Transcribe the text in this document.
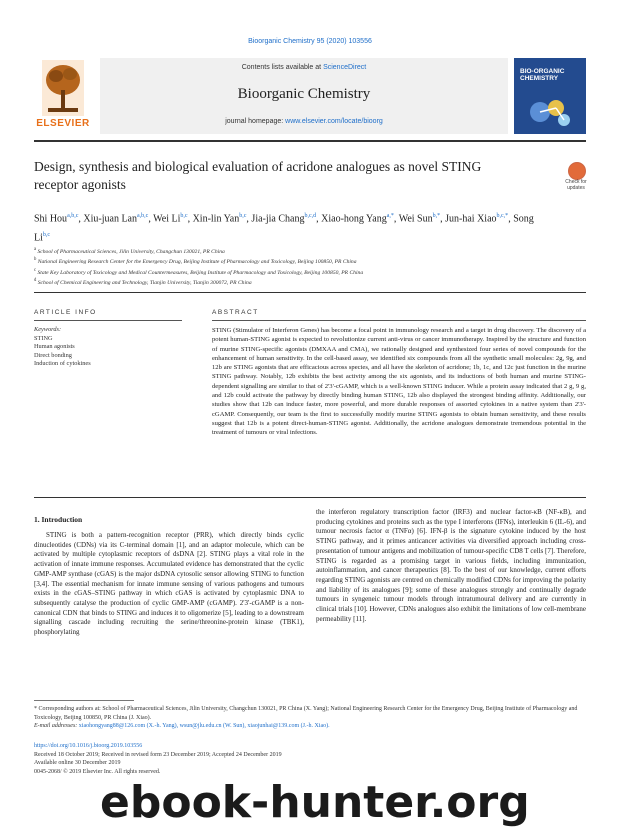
Bioorganic Chemistry 95 (2020) 103556
ELSEVIER
Contents lists available at ScienceDirect
Bioorganic Chemistry
journal homepage: www.elsevier.com/locate/bioorg
BIO-ORGANIC CHEMISTRY
Design, synthesis and biological evaluation of acridone analogues as novel STING receptor agonists	Check for updates
Shi Hou$^{a,b,c}$, Xiu-juan Lan$^{a,b,c}$, Wei Li$^{b,c}$, Xin-lin Yan$^{b,c}$, Jia-jia Chang$^{b,c,d}$, Xiao-hong Yang$^{a,*}$, Wei Sun$^{b,*}$, Jun-hai Xiao$^{b,c,*}$, Song Li$^{b,c}$
$^a$ School of Pharmaceutical Sciences, Jilin University, Changchun 130021, PR China
$^b$ National Engineering Research Center for the Emergency Drug, Beijing Institute of Pharmacology and Toxicology, Beijing 100850, PR China
$^c$ State Key Laboratory of Toxicology and Medical Countermeasures, Beijing Institute of Pharmacology and Toxicology, Beijing 100850, PR China
$^d$ School of Chemical Engineering and Technology, Tianjin University, Tianjin 300072, PR China
ARTICLE INFO
Keywords:
STING
Human agonists
Direct bonding
Induction of cytokines
ABSTRACT
STING (Stimulator of Interferon Genes) has become a focal point in immunology research and a target in drug discovery. The discovery of a potent human-STING agonist is expected to revolutionize current anti-virus or cancer immunotherapy. Inspired by the structure and function of murine STING-specific agonists (DMXAA and CMA), we rationally designed and synthesized four series of novel compounds for the enhancement of human sensitivity. In the cell-based assay, we identified six compounds from all the synthetic small molecules: 2g, 9g, and 12b are STING agonists that are efficacious across species, and all have the skeleton of acridone; 1b, 1c, and 12c just function in the murine STING pathway. Notably, 12b exhibits the best activity among the six agonists, and its inductions of both human and murine STING-dependent signalling are similar to that of 2'3'-cGAMP, which is a well-known STING inducer. While a protein assay indicated that 2 g, 9 g, and 12b could activate the pathway by directly binding human STING, 12b also displayed the strongest binding affinity. Additionally, our studies show that 12b can induce faster, more powerful, and more durable responses of assorted cytokines in a native system than 2'3'-cGAMP. Consequently, our team is the first to successfully modify murine STING agonists to obtain human sensitivity, and these results suggest that 12b is a potent direct-human-STING agonist. Additionally, the acridone analogues demonstrate tremendous potential in the treatment of tumours or viral infections.
1. Introduction

STING is both a pattern-recognition receptor (PRR), which directly binds cyclic dinucleotides (CDNs) via its C-terminal domain [1], and an adaptor molecule, which can be activated by multiple cytoplasmic receptors of dsDNA [2]. STING plays a vital role in the activation of innate immune responses. Accumulated evidence has demonstrated that the cyclic GMP-AMP synthase (cGAS) is the major dsDNA cytosolic sensor allowing STING to function [3,4]. The essential mechanism for innate immune sensing of various pathogens and tumours exists in the cGAS–STING pathway in which cGAS is activated by cytoplasmic DNA to subsequently catalyse the production of cyclic GMP-AMP (cGAMP). 2'3'-cGAMP is a non-canonical CDN that binds to STING and induces it to oligomerize [5], leading to a downstream signalling cascade including recruiting the serine/threonine-protein kinase (TBK1), phosphorylating

the interferon regulatory transcription factor (IRF3) and nuclear factor-κB (NF-κB), and producing cytokines and proteins such as the type I interferons (IFNs), interleukin 6 (IL-6), and tumour necrosis factor α (TNFα) [6]. IFN-β is the signature cytokine induced by the host STING pathway, and it primes anticancer activities via diversified approach including cross-presentation of tumour antigens and mobilization of tumour-specific CD8 T cells [7]. Therefore, STING is regarded as a promising target in various fields, including immunization, autoinflammation, and cancer therapeutics [8]. To the best of our knowledge, current efforts regarding STING agonists are centred on chemically modified CDNs for improving the polarity and liability of its analogues [9]; some of these analogues strongly and continually degrade tumours in syngeneic tumour models through intratumoural delivery and are currently in clinical trials [10]. However, CDNs analogues also exhibit the limitations of low cell-membrane permeability [11].

* Corresponding authors at: School of Pharmaceutical Sciences, Jilin University, Changchun 130021, PR China (X. Yang); National Engineering Research Center for the Emergency Drug, Beijing Institute of Pharmacology and Toxicology, Beijing 100850, PR China (J. Xiao).

E-mail addresses: xiaohongyang88@126.com (X.-h. Yang), wsun@jlu.edu.cn (W. Sun), xiaojunhai@139.com (J.-h. Xiao).

https://doi.org/10.1016/j.bioorg.2019.103556

Received 18 October 2019; Received in revised form 23 December 2019; Accepted 24 December 2019

Available online 30 December 2019

0045-2068/ © 2019 Elsevier Inc. All rights reserved.

ebook-hunter.org
